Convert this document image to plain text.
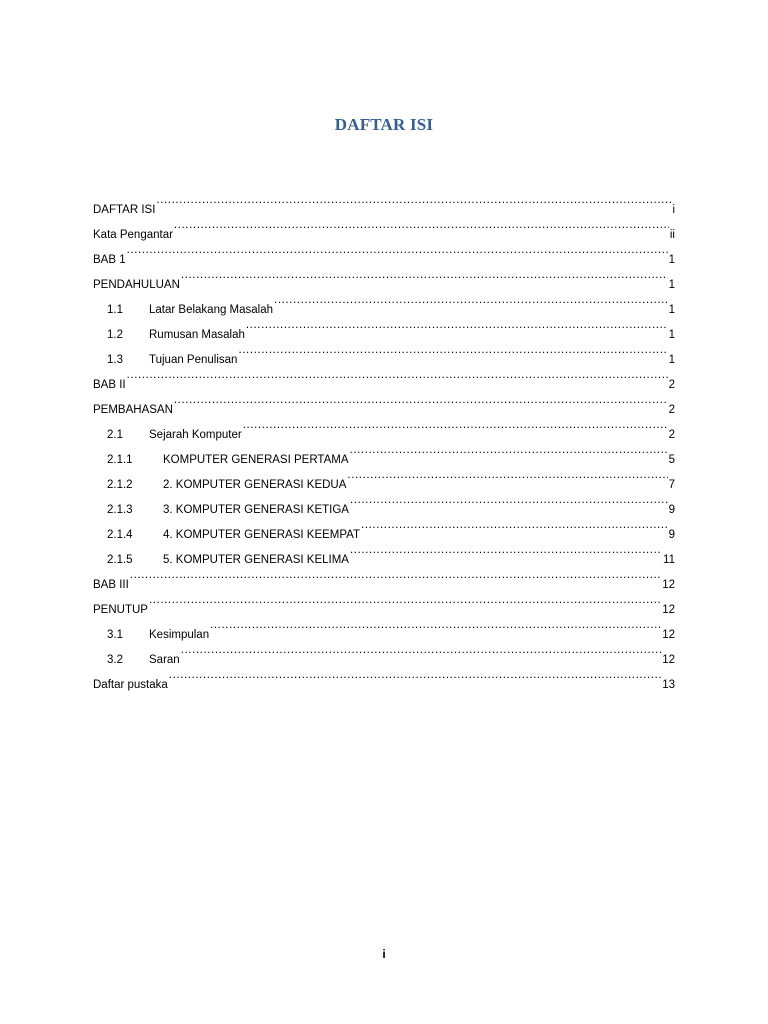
DAFTAR ISI
DAFTAR ISI .....	i
Kata Pengantar .....	ii
BAB 1 .....	1
PENDAHULUAN .....	1
1.1	Latar Belakang Masalah .....	1
1.2	Rumusan Masalah .....	1
1.3	Tujuan Penulisan .....	1
BAB II .....	2
PEMBAHASAN .....	2
2.1	Sejarah Komputer .....	2
2.1.1	KOMPUTER GENERASI PERTAMA .....	5
2.1.2	2. KOMPUTER GENERASI KEDUA .....	7
2.1.3	3. KOMPUTER GENERASI KETIGA .....	9
2.1.4	4. KOMPUTER GENERASI KEEMPAT .....	9
2.1.5	5. KOMPUTER GENERASI KELIMA .....	11
BAB III .....	12
PENUTUP .....	12
3.1	Kesimpulan .....	12
3.2	Saran .....	12
Daftar pustaka .....	13
i
